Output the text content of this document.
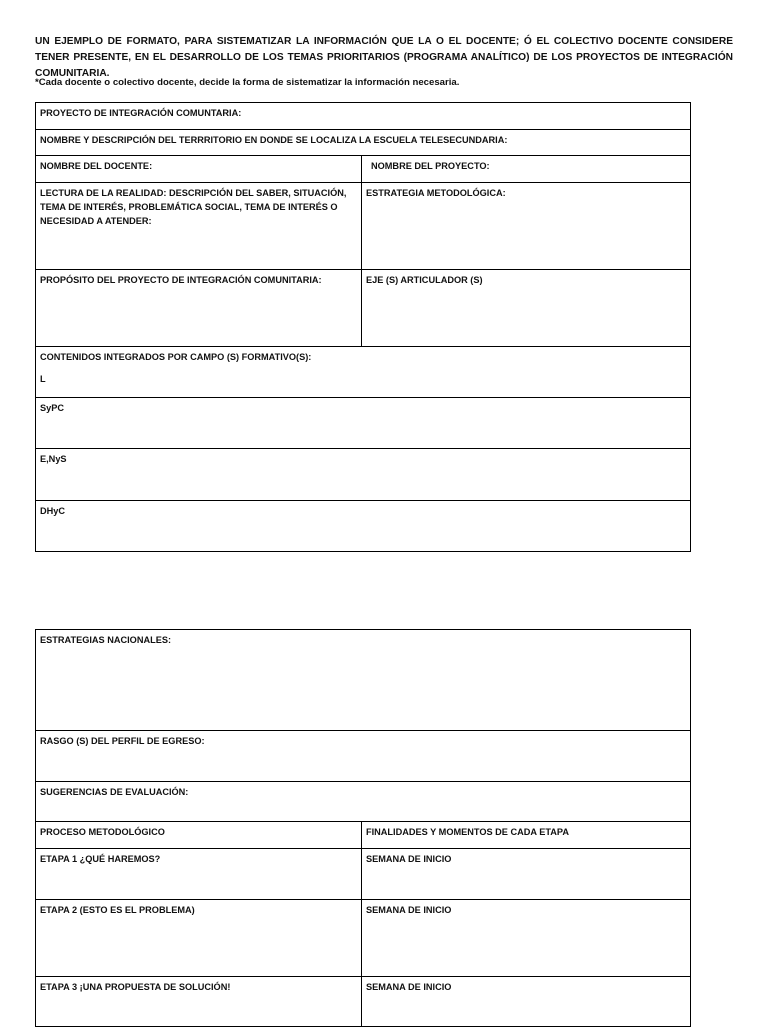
UN EJEMPLO DE FORMATO, PARA SISTEMATIZAR LA INFORMACIÓN QUE LA O EL DOCENTE; Ó EL COLECTIVO DOCENTE CONSIDERE TENER PRESENTE, EN EL DESARROLLO DE LOS TEMAS PRIORITARIOS (PROGRAMA ANALÍTICO) DE LOS PROYECTOS DE INTEGRACIÓN COMUNITARIA.
*Cada docente o colectivo docente, decide la forma de sistematizar la información necesaria.
PROYECTO DE INTEGRACIÓN COMUNTARIA:	
NOMBRE Y DESCRIPCIÓN DEL TERRRITORIO EN DONDE SE LOCALIZA LA ESCUELA TELESECUNDARIA:	
NOMBRE DEL DOCENTE:	NOMBRE DEL PROYECTO:
LECTURA DE LA REALIDAD: DESCRIPCIÓN DEL SABER, SITUACIÓN, TEMA DE INTERÉS, PROBLEMÁTICA SOCIAL, TEMA DE INTERÉS O NECESIDAD A ATENDER:	ESTRATEGIA METODOLÓGICA:
PROPÓSITO DEL PROYECTO DE INTEGRACIÓN COMUNITARIA:	EJE (S) ARTICULADOR (S)

CONTENIDOS INTEGRADOS POR CAMPO (S) FORMATIVO(S):
L	

SyPC	
E,NyS	
DHyC	
ESTRATEGIAS NACIONALES:	
RASGO (S) DEL PERFIL DE EGRESO:	
SUGERENCIAS DE EVALUACIÓN:	
PROCESO METODOLÓGICO	FINALIDADES Y MOMENTOS DE CADA ETAPA
ETAPA 1 ¿QUÉ HAREMOS?	SEMANA DE INICIO
ETAPA 2 (ESTO ES EL PROBLEMA)	SEMANA DE INICIO
ETAPA 3 ¡UNA PROPUESTA DE SOLUCIÓN!	SEMANA DE INICIO
